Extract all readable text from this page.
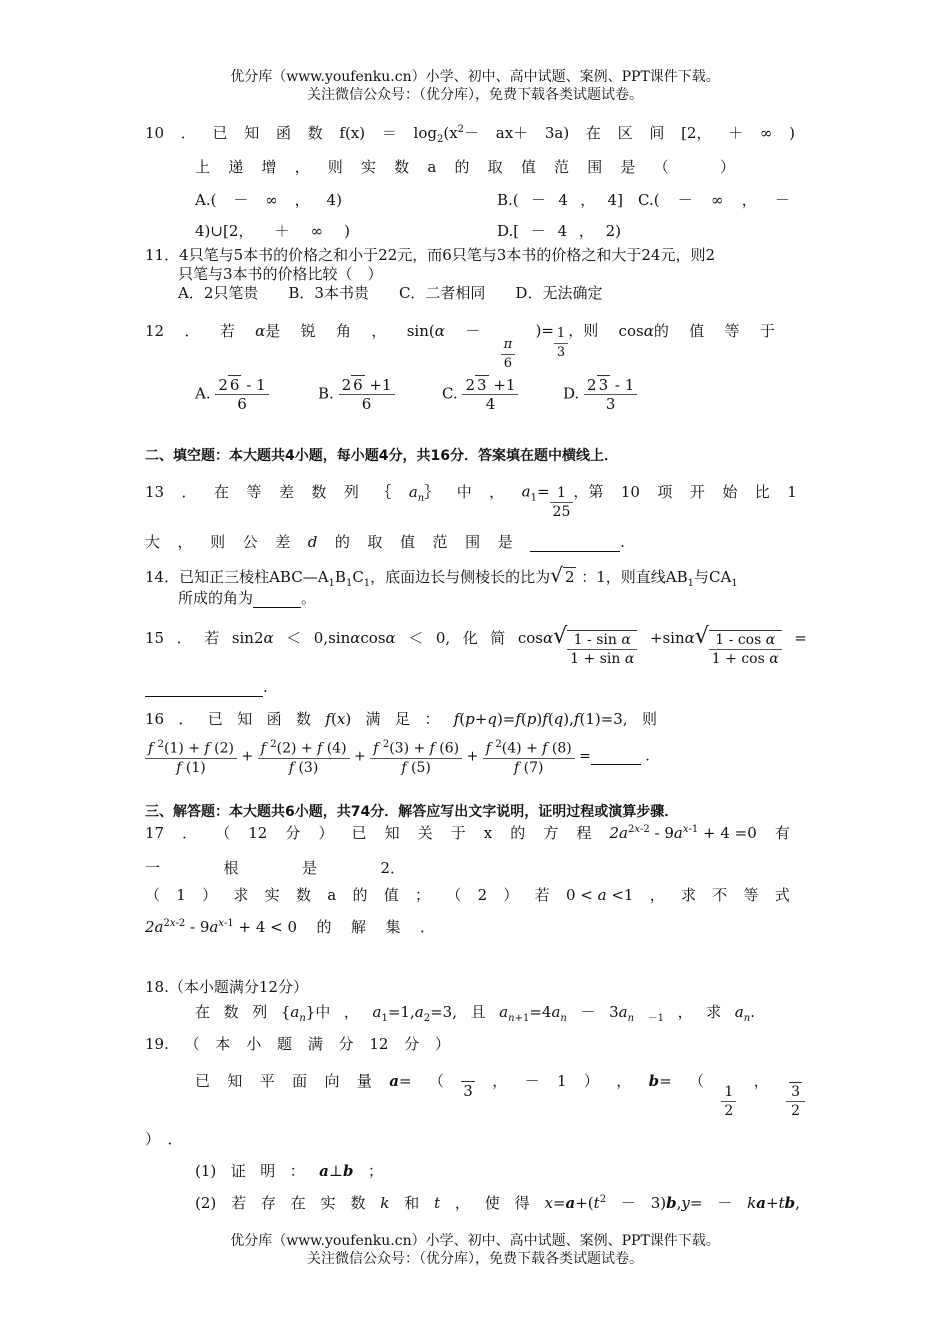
优分库（www.youfenku.cn）小学、初中、高中试题、案例、PPT课件下载。
关注微信公众号：（优分库），免费下载各类试题试卷。
10 ． 已 知 函 数 $f(x) = \log_2(x^2- ax+ 3a)$ 在 区 间 [2， ＋ ∞ )
上 递 增 ， 则 实 数 a 的 取 值 范 围 是 （
　	）
A.( － ∞ ， 4)	B.( － 4 ， 4] C.( － ∞ ， －
4)∪[2， ＋ ∞ )	D.[ － 4 ， 2)
11．4只笔与5本书的价格之和小于22元，而6只笔与3本书的价格之和大于24元，则2
只笔与3本书的价格比较（　）
A．2只笔贵　　B．3本书贵　　C．二者相同　　D．无法确定
12 ． 若 α是 锐 角 ， sin(α －
$\frac{\pi}{6}$
)= $\frac{1}{3}$ ，则 cosα的 值 等 于
A. $\frac{2 6 - 1}{6}$	B. $\frac{2 6 +1}{6}$	C. $\frac{2 3 +1}{4}$	D. $\frac{2 3 - 1}{3}$
二、填空题：本大题共4小题，每小题4分，共16分．答案填在题中横线上．
13 ． 在 等 差 数 列 ｛ $a_n\}$ 中 ， $a_1= \frac{1}{25}$ ，第 10 项 开 始 比 1
大 ， 则 公 差 d 的 取 值 范 围 是	.
14．已知正三棱柱$ABC—A_1B_1C_1$，底面边长与侧棱长的比为√ 2 ：1，则直线$AB_1$与$CA_1$
所成的角为	。
15 ． 若 sin2α ＜ 0,sinαcosα ＜ 0, 化 简 $\cos\alpha√ \frac{\text{1 - sin α}}{\text{1 + sin α}} +\sin\alpha√ \frac{\text{1 - cos α}}{\text{1 + cos α}}$ =
.
16 ． 已 知 函 数 f(x) 满 足 ： f(p+q)=f(p)f(q),f(1)=3, 则
$\frac{f ^2(1) + f (2)}{f (1)} + \frac{f ^2(2) + f (4)}{f (3)} + \frac{f ^2(3) + f (6)}{f (5)} + \frac{f ^2(4) + f (8)}{f (7)}$ =	.
三、解答题：本大题共6小题，共74分．解答应写出文字说明，证明过程或演算步骤．
17 ． （ 12 分 ） 已 知 关 于 x 的 方 程 $2a^{2x-2} - 9a^{x-1} + 4 =0$ 有
一	根	是	2．
（ 1 ） 求 实 数 a 的 值 ； （ 2 ） 若 0 < a <1 ， 求 不 等 式
$2a^{2x-2} - 9a^{x-1} + 4 < 0$ 的 解 集 ．
18.（本小题满分12分）
在 数 列 $\{a_n\}$中 ， $a_1=1,a_2=3$, 且 $a_{n+1}=4a_n - 3a_n$ $_{-1}$ ， 求 $a_n$.
19. （ 本 小 题 满 分 12 分 ）
已 知 平 面 向 量 a= （
3
， － 1 ） ， b= （
$\frac{1}{2}$
，
$\frac{3}{2}$
）　．
(1) 证 明 ： a⊥b ；
(2) 若 存 在 实 数 k 和 t ， 使 得 $x=a+(t^2 - 3)b,y= - ka+tb$,
优分库（www.youfenku.cn）小学、初中、高中试题、案例、PPT课件下载。
关注微信公众号：（优分库），免费下载各类试题试卷。
